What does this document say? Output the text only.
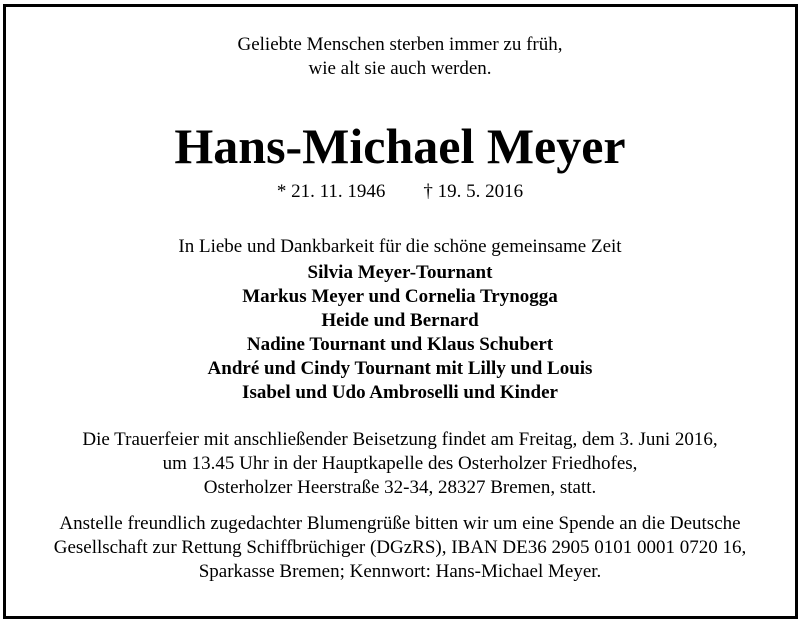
Geliebte Menschen sterben immer zu früh,
wie alt sie auch werden.
Hans-Michael Meyer
* 21. 11. 1946 † 19. 5. 2016
In Liebe und Dankbarkeit für die schöne gemeinsame Zeit
Silvia Meyer-Tournant
Markus Meyer und Cornelia Trynogga
Heide und Bernard
Nadine Tournant und Klaus Schubert
André und Cindy Tournant mit Lilly und Louis
Isabel und Udo Ambroselli und Kinder
Die Trauerfeier mit anschließender Beisetzung findet am Freitag, dem 3. Juni 2016,
um 13.45 Uhr in der Hauptkapelle des Osterholzer Friedhofes,
Osterholzer Heerstraße 32-34, 28327 Bremen, statt.
Anstelle freundlich zugedachter Blumengrüße bitten wir um eine Spende an die Deutsche
Gesellschaft zur Rettung Schiffbrüchiger (DGzRS), IBAN DE36 2905 0101 0001 0720 16,
Sparkasse Bremen; Kennwort: Hans-Michael Meyer.
